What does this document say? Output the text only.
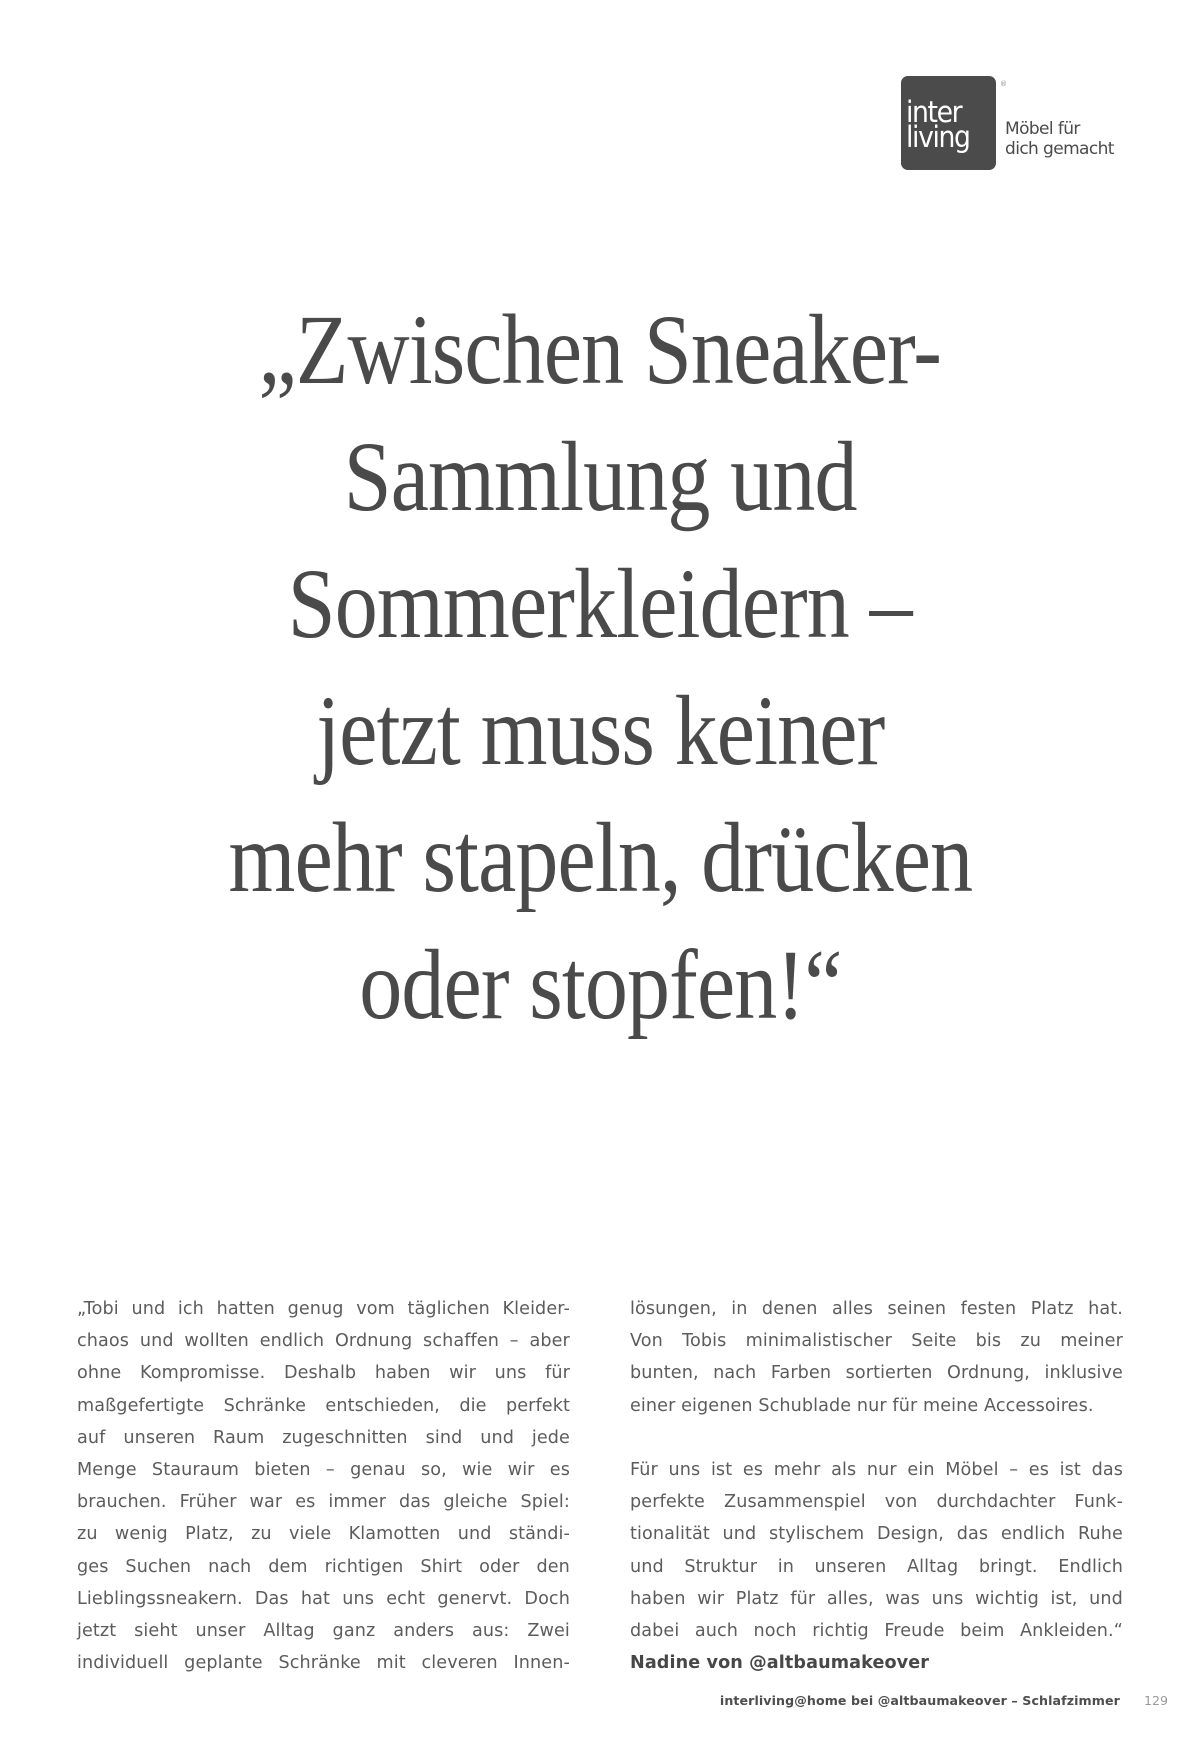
inter
living
®
Möbel für
dich gemacht
„Zwischen Sneaker-
Sammlung und
Sommerkleidern –
jetzt muss keiner
mehr stapeln, drücken
oder stopfen!“
„Tobi und ich hatten genug vom täglichen Kleider-
chaos und wollten endlich Ordnung schaffen – aber
ohne Kompromisse. Deshalb haben wir uns für
maßgefertigte Schränke entschieden, die perfekt
auf unseren Raum zugeschnitten sind und jede
Menge Stauraum bieten – genau so, wie wir es
brauchen. Früher war es immer das gleiche Spiel:
zu wenig Platz, zu viele Klamotten und ständi-
ges Suchen nach dem richtigen Shirt oder den
Lieblingssneakern. Das hat uns echt genervt. Doch
jetzt sieht unser Alltag ganz anders aus: Zwei
individuell geplante Schränke mit cleveren Innen-
lösungen, in denen alles seinen festen Platz hat.
Von Tobis minimalistischer Seite bis zu meiner
bunten, nach Farben sortierten Ordnung, inklusive
einer eigenen Schublade nur für meine Accessoires.
Für uns ist es mehr als nur ein Möbel – es ist das
perfekte Zusammenspiel von durchdachter Funk-
tionalität und stylischem Design, das endlich Ruhe
und Struktur in unseren Alltag bringt. Endlich
haben wir Platz für alles, was uns wichtig ist, und
dabei auch noch richtig Freude beim Ankleiden.“
Nadine von @altbaumakeover
interliving@home bei @altbaumakeover – Schlafzimmer 129
